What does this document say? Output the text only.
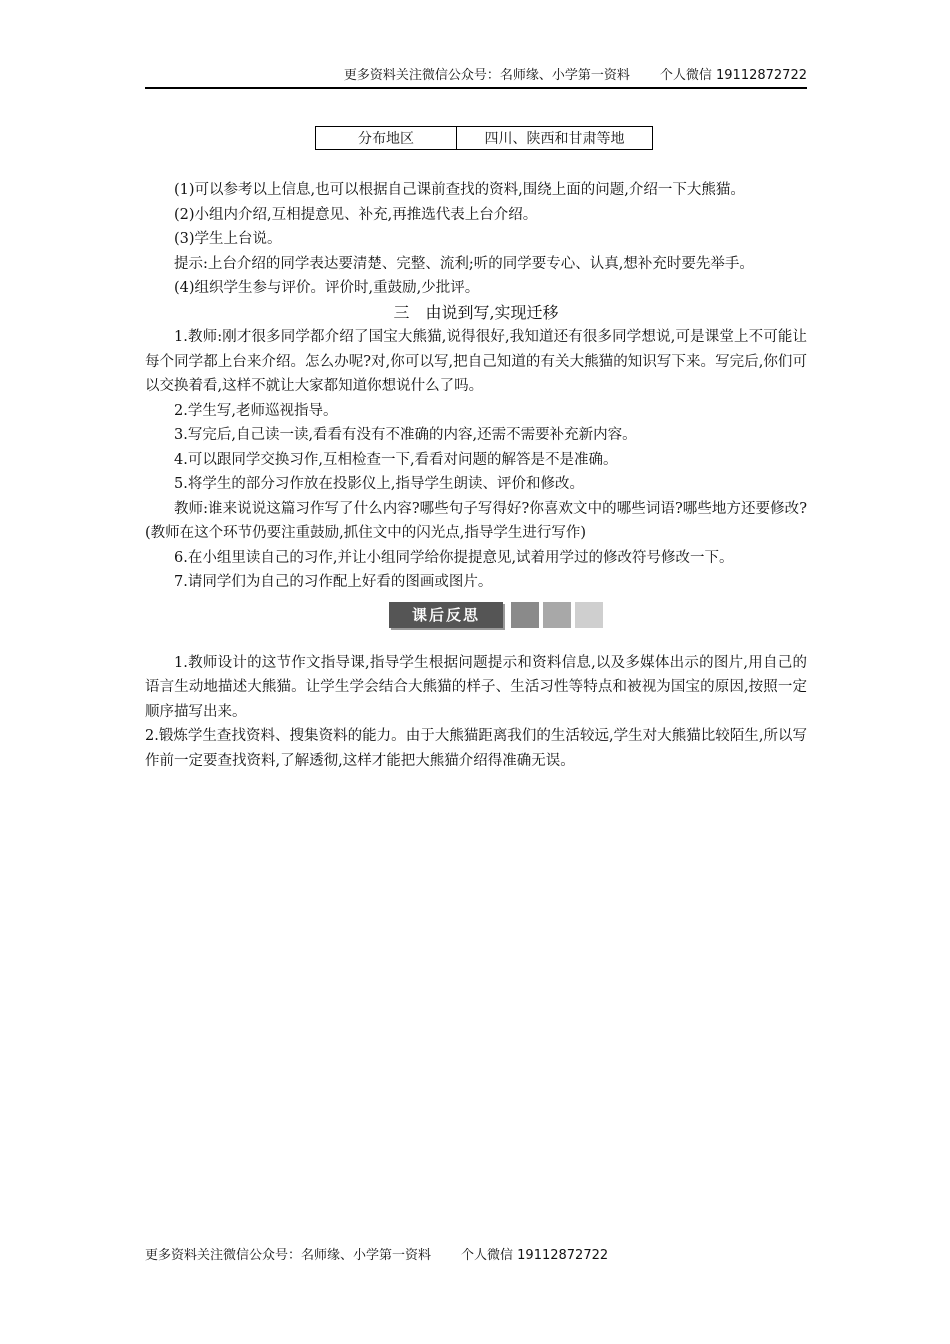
更多资料关注微信公众号：名师缘、小学第一资料 个人微信 19112872722
分布地区	四川、陕西和甘肃等地

(1)可以参考以上信息,也可以根据自己课前查找的资料,围绕上面的问题,介绍一下大熊猫。

(2)小组内介绍,互相提意见、补充,再推选代表上台介绍。

(3)学生上台说。

提示:上台介绍的同学表达要清楚、完整、流利;听的同学要专心、认真,想补充时要先举手。

(4)组织学生参与评价。评价时,重鼓励,少批评。

三　由说到写,实现迁移

1.教师:刚才很多同学都介绍了国宝大熊猫,说得很好,我知道还有很多同学想说,可是课堂上不可能让每个同学都上台来介绍。怎么办呢?对,你可以写,把自己知道的有关大熊猫的知识写下来。写完后,你们可以交换着看,这样不就让大家都知道你想说什么了吗。

2.学生写,老师巡视指导。

3.写完后,自己读一读,看看有没有不准确的内容,还需不需要补充新内容。

4.可以跟同学交换习作,互相检查一下,看看对问题的解答是不是准确。

5.将学生的部分习作放在投影仪上,指导学生朗读、评价和修改。

教师:谁来说说这篇习作写了什么内容?哪些句子写得好?你喜欢文中的哪些词语?哪些地方还要修改?(教师在这个环节仍要注重鼓励,抓住文中的闪光点,指导学生进行写作)

6.在小组里读自己的习作,并让小组同学给你提提意见,试着用学过的修改符号修改一下。

7.请同学们为自己的习作配上好看的图画或图片。

课后反思

1.教师设计的这节作文指导课,指导学生根据问题提示和资料信息,以及多媒体出示的图片,用自己的语言生动地描述大熊猫。让学生学会结合大熊猫的样子、生活习性等特点和被视为国宝的原因,按照一定顺序描写出来。

2.锻炼学生查找资料、搜集资料的能力。由于大熊猫距离我们的生活较远,学生对大熊猫比较陌生,所以写作前一定要查找资料,了解透彻,这样才能把大熊猫介绍得准确无误。

更多资料关注微信公众号：名师缘、小学第一资料 个人微信 19112872722
